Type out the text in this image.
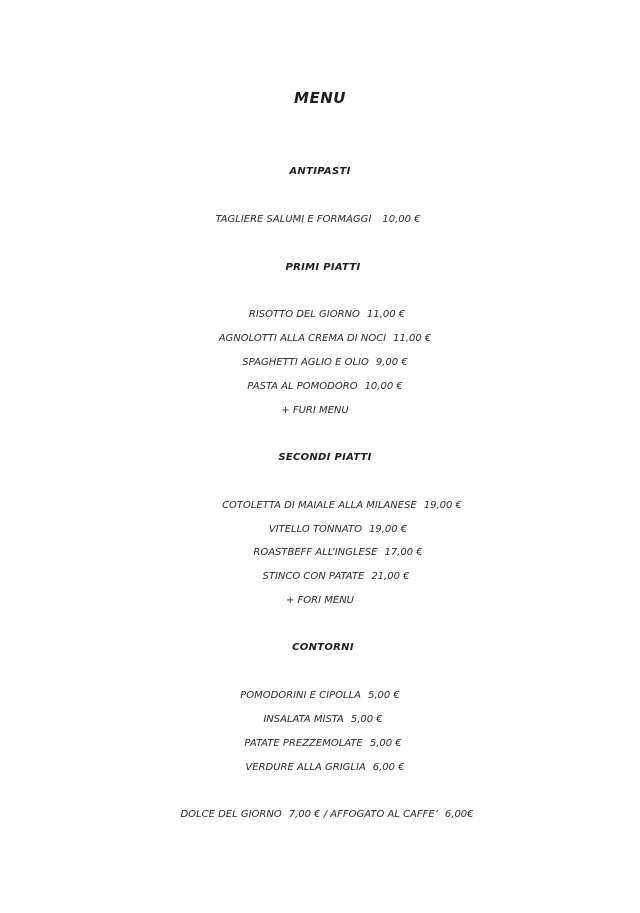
MENU
ANTIPASTI
TAGLIERE SALUMI E FORMAGGI 10,00 €
PRIMI PIATTI
RISOTTO DEL GIORNO 11,00 €
AGNOLOTTI ALLA CREMA DI NOCI 11,00 €
SPAGHETTI AGLIO E OLIO 9,00 €
PASTA AL POMODORO 10,00 €
+ FURI MENU
SECONDI PIATTI
COTOLETTA DI MAIALE ALLA MILANESE 19,00 €
VITELLO TONNATO 19,00 €
ROASTBEFF ALL’INGLESE 17,00 €
STINCO CON PATATE 21,00 €
+ FORI MENU
CONTORNI
POMODORINI E CIPOLLA 5,00 €
INSALATA MISTA 5,00 €
PATATE PREZZEMOLATE 5,00 €
VERDURE ALLA GRIGLIA 6,00 €
DOLCE DEL GIORNO 7,00 € / AFFOGATO AL CAFFE’ 6,00€
